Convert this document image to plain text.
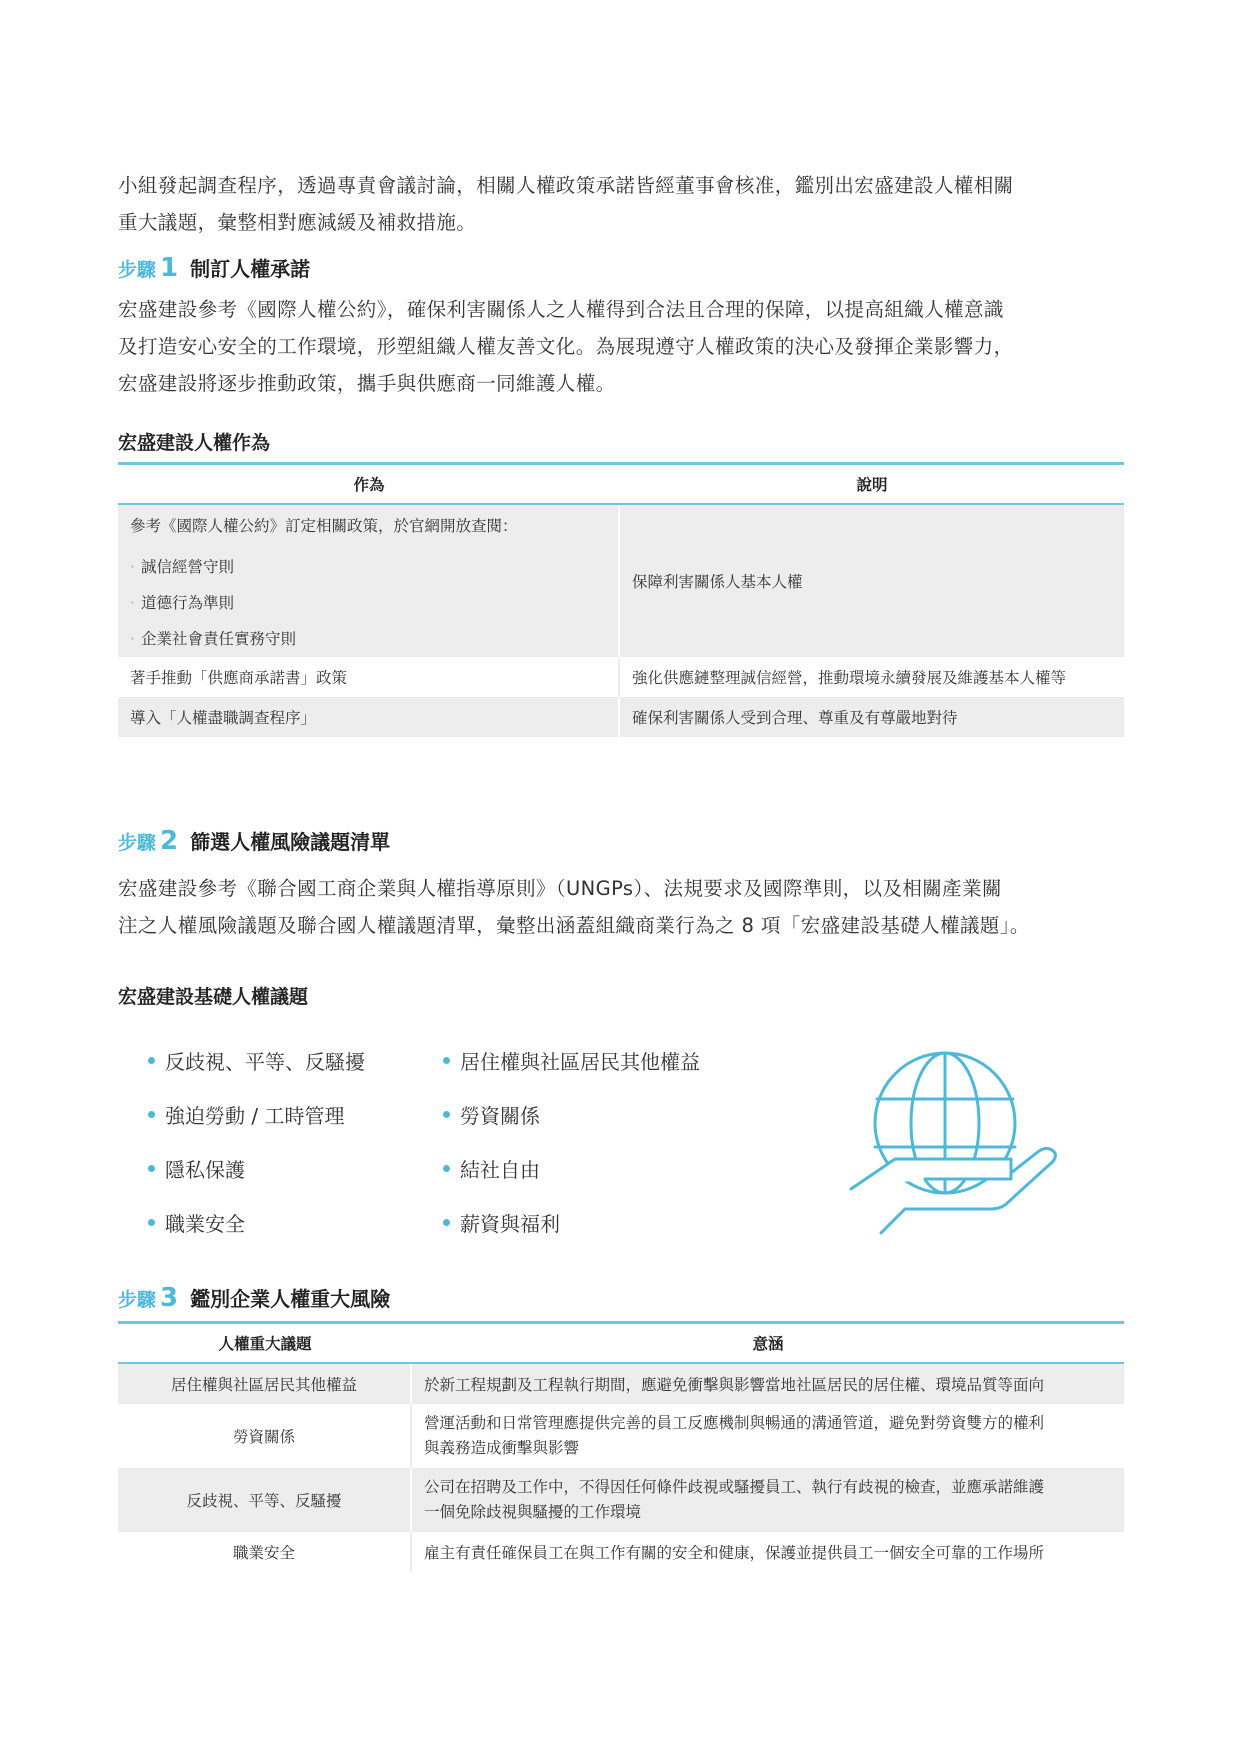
小組發起調查程序，透過專責會議討論，相關人權政策承諾皆經董事會核准，鑑別出宏盛建設人權相關

重大議題，彙整相對應減緩及補救措施。

步驟 1 制訂人權承諾

宏盛建設參考《國際人權公約》，確保利害關係人之人權得到合法且合理的保障，以提高組織人權意識

及打造安心安全的工作環境，形塑組織人權友善文化。為展現遵守人權政策的決心及發揮企業影響力，

宏盛建設將逐步推動政策，攜手與供應商一同維護人權。

宏盛建設人權作為

作為	說明

參考《國際人權公約》訂定相關政策，於官網開放查閱：
· 誠信經營守則
· 道德行為準則
· 企業社會責任實務守則	保障利害關係人基本人權
著手推動「供應商承諾書」政策	強化供應鏈整理誠信經營，推動環境永續發展及維護基本人權等
導入「人權盡職調查程序」	確保利害關係人受到合理、尊重及有尊嚴地對待
步驟 2 篩選人權風險議題清單

宏盛建設參考《聯合國工商企業與人權指導原則》（UNGPs）、法規要求及國際準則，以及相關產業關

注之人權風險議題及聯合國人權議題清單，彙整出涵蓋組織商業行為之 8 項「宏盛建設基礎人權議題」。

宏盛建設基礎人權議題

反歧視、平等、反騷擾
強迫勞動 / 工時管理
隱私保護
職業安全
居住權與社區居民其他權益
勞資關係
結社自由
薪資與福利
步驟 3 鑑別企業人權重大風險
人權重大議題	意涵
居住權與社區居民其他權益	於新工程規劃及工程執行期間，應避免衝擊與影響當地社區居民的居住權、環境品質等面向

勞資關係	營運活動和日常管理應提供完善的員工反應機制與暢通的溝通管道，避免對勞資雙方的權利
與義務造成衝擊與影響

反歧視、平等、反騷擾	公司在招聘及工作中，不得因任何條件歧視或騷擾員工、執行有歧視的檢查，並應承諾維護
一個免除歧視與騷擾的工作環境

職業安全	雇主有責任確保員工在與工作有關的安全和健康，保護並提供員工一個安全可靠的工作場所
